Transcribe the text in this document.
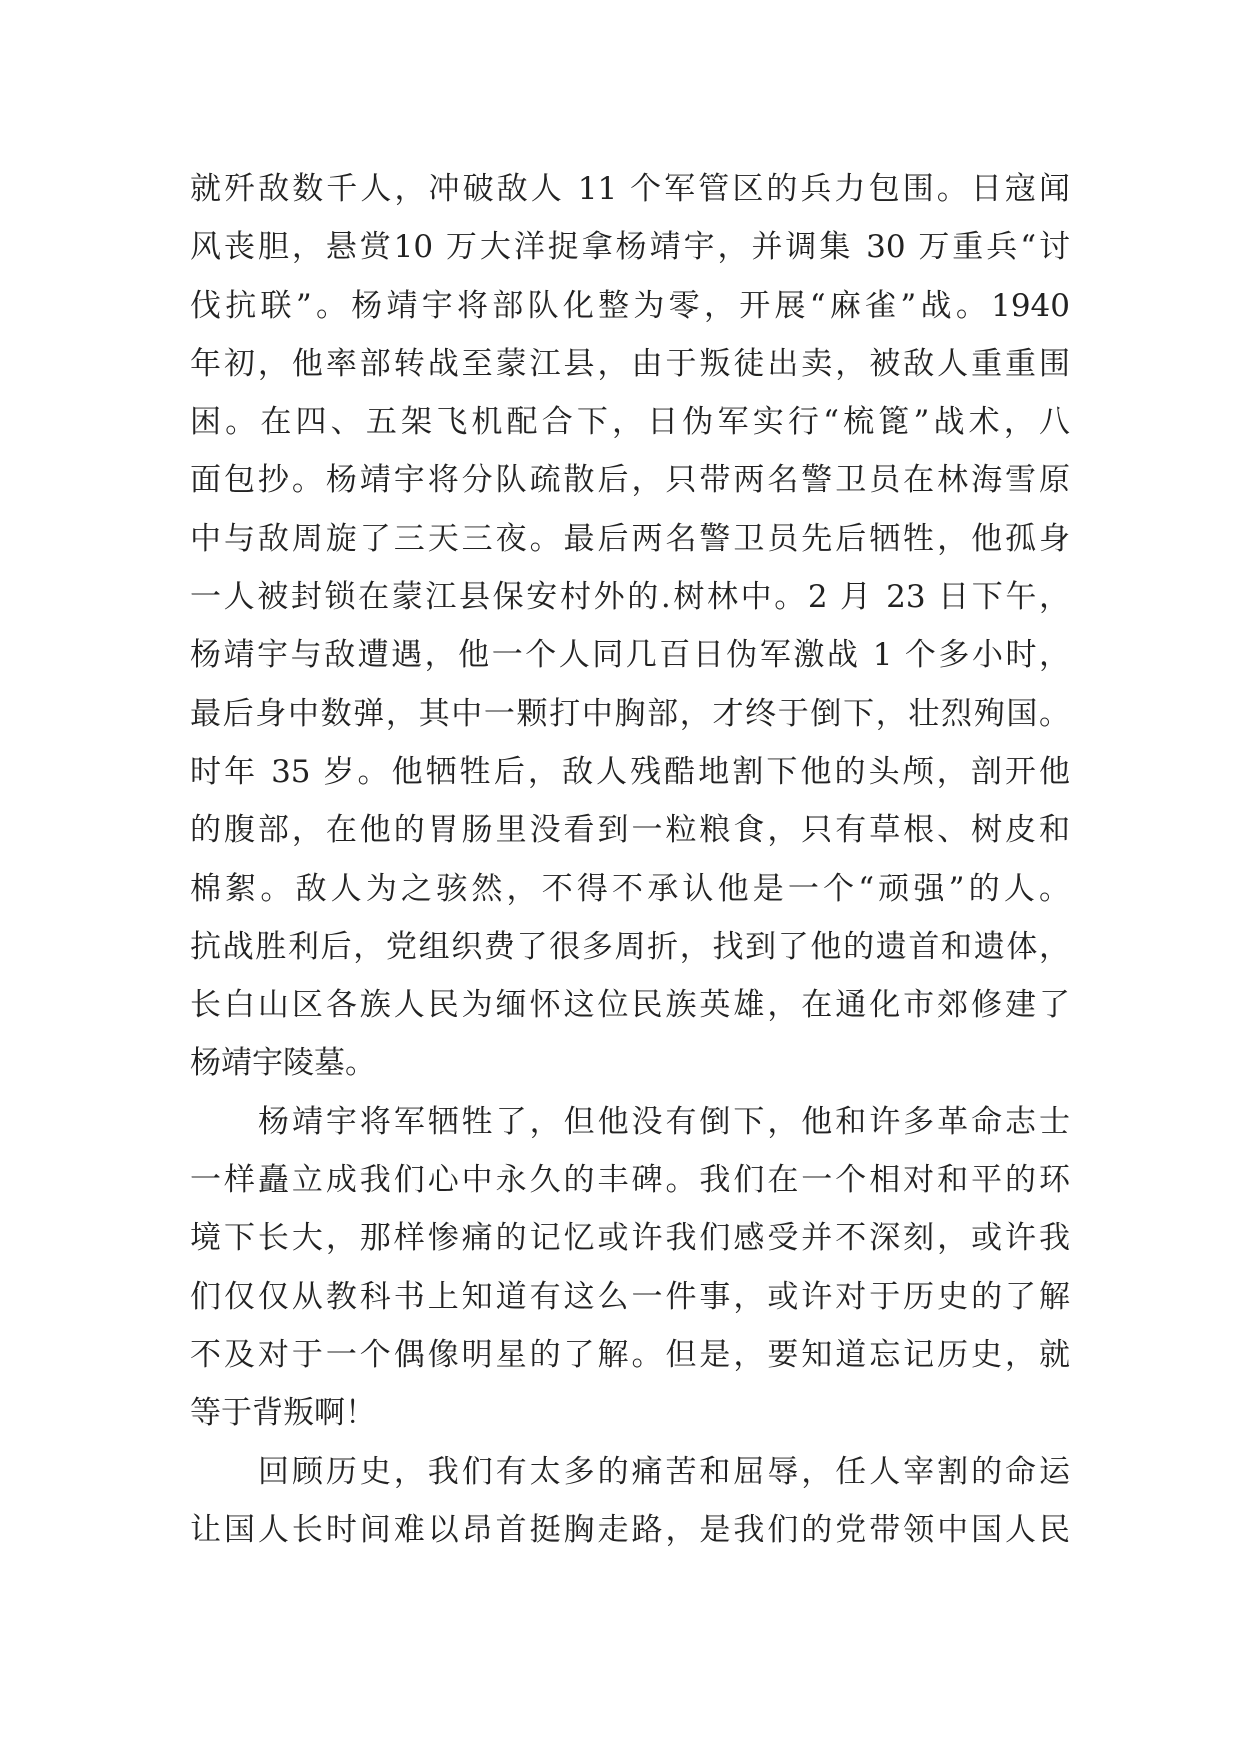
就歼敌数千人，冲破敌人 11 个军管区的兵力包围。日寇闻
风丧胆，悬赏10 万大洋捉拿杨靖宇，并调集 30 万重兵“讨
伐抗联”。杨靖宇将部队化整为零，开展“麻雀”战。1940
年初，他率部转战至蒙江县，由于叛徒出卖，被敌人重重围
困。在四、五架飞机配合下，日伪军实行“梳篦”战术，八
面包抄。杨靖宇将分队疏散后，只带两名警卫员在林海雪原
中与敌周旋了三天三夜。最后两名警卫员先后牺牲，他孤身
一人被封锁在蒙江县保安村外的.树林中。2 月 23 日下午，
杨靖宇与敌遭遇，他一个人同几百日伪军激战 1 个多小时，
最后身中数弹，其中一颗打中胸部，才终于倒下，壮烈殉国。
时年 35 岁。他牺牲后，敌人残酷地割下他的头颅，剖开他
的腹部，在他的胃肠里没看到一粒粮食，只有草根、树皮和
棉絮。敌人为之骇然，不得不承认他是一个“顽强”的人。
抗战胜利后，党组织费了很多周折，找到了他的遗首和遗体，
长白山区各族人民为缅怀这位民族英雄，在通化市郊修建了
杨靖宇陵墓。
杨靖宇将军牺牲了，但他没有倒下，他和许多革命志士
一样矗立成我们心中永久的丰碑。我们在一个相对和平的环
境下长大，那样惨痛的记忆或许我们感受并不深刻，或许我
们仅仅从教科书上知道有这么一件事，或许对于历史的了解
不及对于一个偶像明星的了解。但是，要知道忘记历史，就
等于背叛啊！
回顾历史，我们有太多的痛苦和屈辱，任人宰割的命运
让国人长时间难以昂首挺胸走路，是我们的党带领中国人民
